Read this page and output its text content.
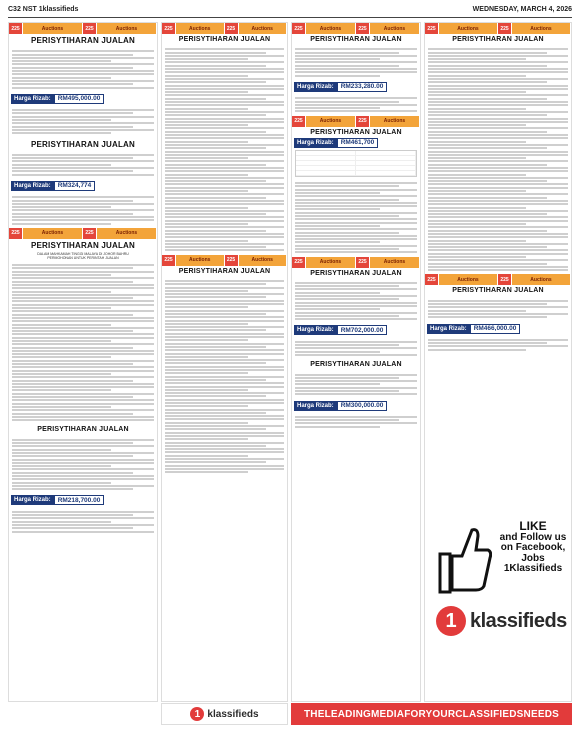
C32 NST 1klassifieds	WEDNESDAY, MARCH 4, 2026
225	Auctions	225	Auctions
PERISYTIHARAN JUALAN
Harga Rizab:	RM495,000.00
PERISYTIHARAN JUALAN
Harga Rizab:	RM324,774
225	Auctions	225	Auctions
PERISYTIHARAN JUALAN
DALAM MAHKAMAH TINGGI MALAYA DI JOHOR BAHRU
PERMOHONAN UNTUK PERINTAH JUALAN
PERISYTIHARAN JUALAN
Harga Rizab:	RM218,700.00
225	Auctions	225	Auctions
PERISYTIHARAN JUALAN
225	Auctions	225	Auctions
PERISYTIHARAN JUALAN
225	Auctions	225	Auctions
PERISYTIHARAN JUALAN
Harga Rizab:	RM233,280.00
225	Auctions	225	Auctions
PERISYTIHARAN JUALAN
Harga Rizab:	RM461,700
225	Auctions	225	Auctions
PERISYTIHARAN JUALAN
Harga Rizab:	RM702,000.00
PERISYTIHARAN JUALAN
Harga Rizab:	RM300,000.00
225	Auctions	225	Auctions
PERISYTIHARAN JUALAN
225	Auctions	225	Auctions
PERISYTIHARAN JUALAN
Harga Rizab:	RM466,000.00
LIKE
and Follow us
on Facebook,
Jobs 1Klassifieds
1 klassifieds
1 klassifieds	THELEADINGMEDIAFORYOURCLASSIFIEDSNEEDS
